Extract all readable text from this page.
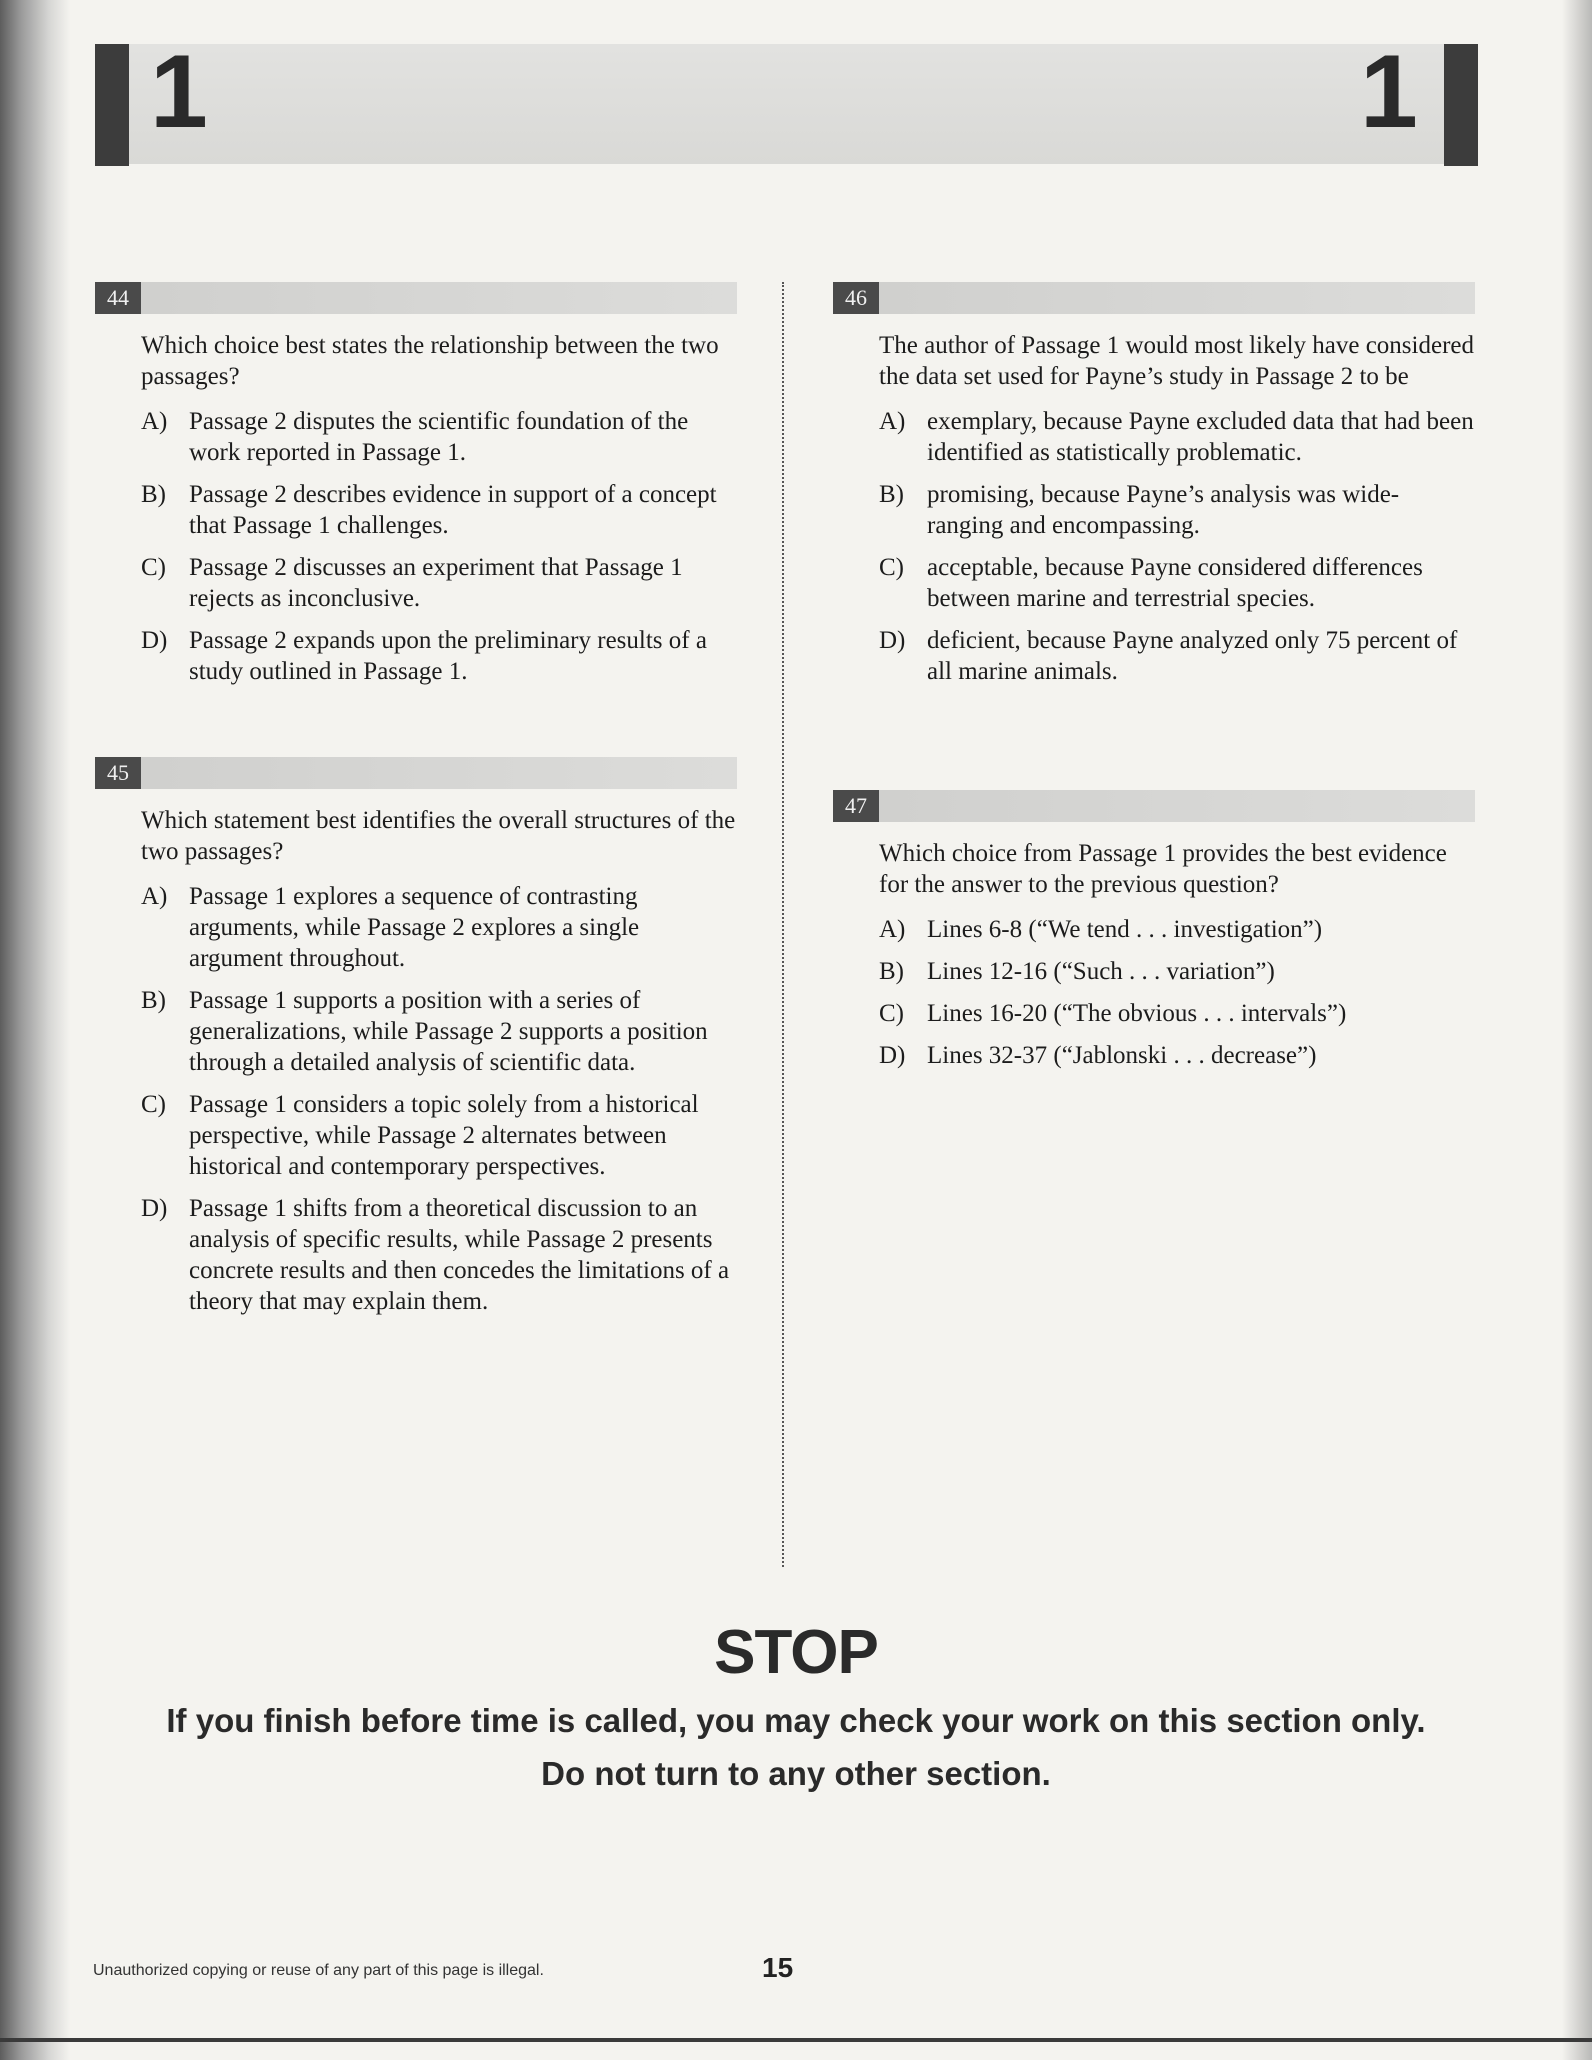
1	1
44
Which choice best states the relationship between the two passages?
A) Passage 2 disputes the scientific foundation of the work reported in Passage 1.
B) Passage 2 describes evidence in support of a concept that Passage 1 challenges.
C) Passage 2 discusses an experiment that Passage 1 rejects as inconclusive.
D) Passage 2 expands upon the preliminary results of a study outlined in Passage 1.
45
Which statement best identifies the overall structures of the two passages?
A) Passage 1 explores a sequence of contrasting arguments, while Passage 2 explores a single argument throughout.
B) Passage 1 supports a position with a series of generalizations, while Passage 2 supports a position through a detailed analysis of scientific data.
C) Passage 1 considers a topic solely from a historical perspective, while Passage 2 alternates between historical and contemporary perspectives.
D) Passage 1 shifts from a theoretical discussion to an analysis of specific results, while Passage 2 presents concrete results and then concedes the limitations of a theory that may explain them.
46
The author of Passage 1 would most likely have considered the data set used for Payne’s study in Passage 2 to be
A) exemplary, because Payne excluded data that had been identified as statistically problematic.
B) promising, because Payne’s analysis was wide-ranging and encompassing.
C) acceptable, because Payne considered differences between marine and terrestrial species.
D) deficient, because Payne analyzed only 75 percent of all marine animals.
47
Which choice from Passage 1 provides the best evidence for the answer to the previous question?
A) Lines 6-8 (“We tend . . . investigation”)
B) Lines 12-16 (“Such . . . variation”)
C) Lines 16-20 (“The obvious . . . intervals”)
D) Lines 32-37 (“Jablonski . . . decrease”)
STOP
If you finish before time is called, you may check your work on this section only.
Do not turn to any other section.
Unauthorized copying or reuse of any part of this page is illegal.	15
